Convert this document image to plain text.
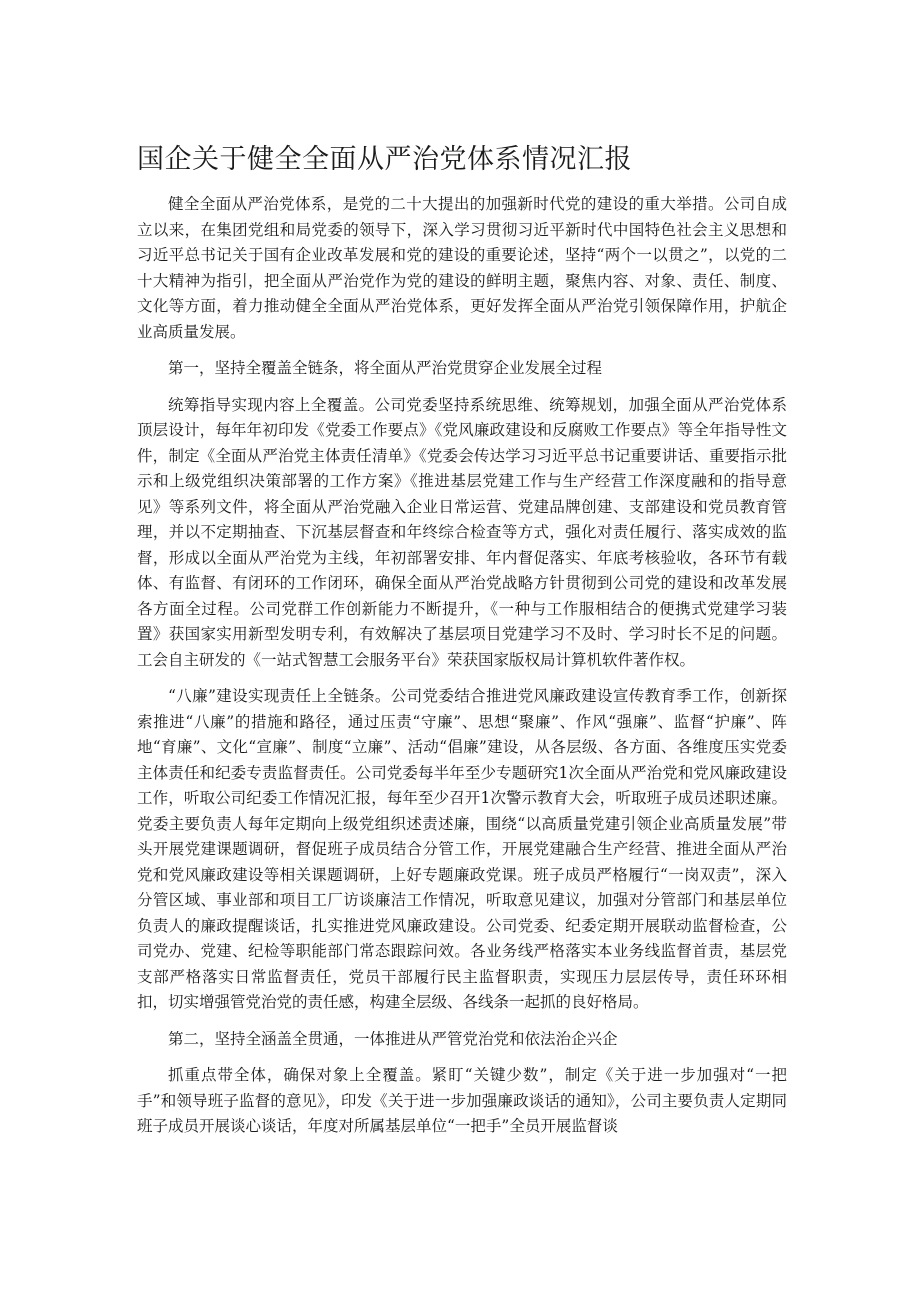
国企关于健全全面从严治党体系情况汇报

健全全面从严治党体系，是党的二十大提出的加强新时代党的建设的重大举措。公司自成立以来，在集团党组和局党委的领导下，深入学习贯彻习近平新时代中国特色社会主义思想和习近平总书记关于国有企业改革发展和党的建设的重要论述，坚持“两个一以贯之”，以党的二十大精神为指引，把全面从严治党作为党的建设的鲜明主题，聚焦内容、对象、责任、制度、文化等方面，着力推动健全全面从严治党体系，更好发挥全面从严治党引领保障作用，护航企业高质量发展。

第一，坚持全覆盖全链条，将全面从严治党贯穿企业发展全过程

统筹指导实现内容上全覆盖。公司党委坚持系统思维、统筹规划，加强全面从严治党体系顶层设计，每年年初印发《党委工作要点》《党风廉政建设和反腐败工作要点》等全年指导性文件，制定《全面从严治党主体责任清单》《党委会传达学习习近平总书记重要讲话、重要指示批示和上级党组织决策部署的工作方案》《推进基层党建工作与生产经营工作深度融和的指导意见》等系列文件，将全面从严治党融入企业日常运营、党建品牌创建、支部建设和党员教育管理，并以不定期抽查、下沉基层督查和年终综合检查等方式，强化对责任履行、落实成效的监督，形成以全面从严治党为主线，年初部署安排、年内督促落实、年底考核验收，各环节有载体、有监督、有闭环的工作闭环，确保全面从严治党战略方针贯彻到公司党的建设和改革发展各方面全过程。公司党群工作创新能力不断提升，《一种与工作服相结合的便携式党建学习装置》获国家实用新型发明专利，有效解决了基层项目党建学习不及时、学习时长不足的问题。工会自主研发的《一站式智慧工会服务平台》荣获国家版权局计算机软件著作权。

“八廉”建设实现责任上全链条。公司党委结合推进党风廉政建设宣传教育季工作，创新探索推进“八廉”的措施和路径，通过压责“守廉”、思想“聚廉”、作风“强廉”、监督“护廉”、阵地“育廉”、文化“宣廉”、制度“立廉”、活动“倡廉”建设，从各层级、各方面、各维度压实党委主体责任和纪委专责监督责任。公司党委每半年至少专题研究1次全面从严治党和党风廉政建设工作，听取公司纪委工作情况汇报，每年至少召开1次警示教育大会，听取班子成员述职述廉。党委主要负责人每年定期向上级党组织述责述廉，围绕“以高质量党建引领企业高质量发展”带头开展党建课题调研，督促班子成员结合分管工作，开展党建融合生产经营、推进全面从严治党和党风廉政建设等相关课题调研，上好专题廉政党课。班子成员严格履行“一岗双责”，深入分管区域、事业部和项目工厂访谈廉洁工作情况，听取意见建议，加强对分管部门和基层单位负责人的廉政提醒谈话，扎实推进党风廉政建设。公司党委、纪委定期开展联动监督检查，公司党办、党建、纪检等职能部门常态跟踪问效。各业务线严格落实本业务线监督首责，基层党支部严格落实日常监督责任，党员干部履行民主监督职责，实现压力层层传导，责任环环相扣，切实增强管党治党的责任感，构建全层级、各线条一起抓的良好格局。

第二，坚持全涵盖全贯通，一体推进从严管党治党和依法治企兴企

抓重点带全体，确保对象上全覆盖。紧盯“关键少数”，制定《关于进一步加强对“一把手”和领导班子监督的意见》，印发《关于进一步加强廉政谈话的通知》，公司主要负责人定期同班子成员开展谈心谈话，年度对所属基层单位“一把手”全员开展监督谈
